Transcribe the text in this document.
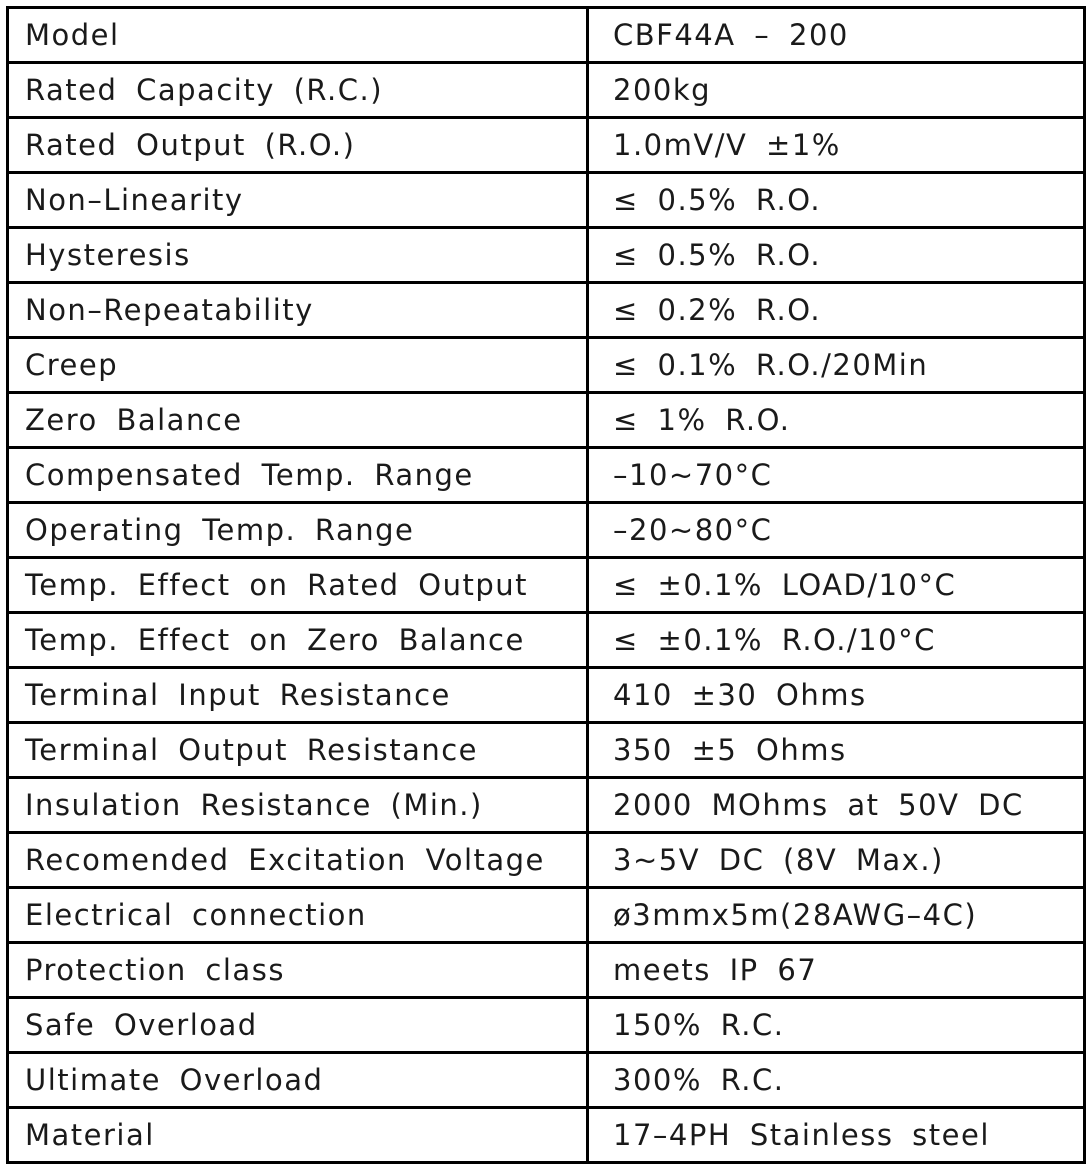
Model	CBF44A – 200
Rated Capacity (R.C.)	200kg
Rated Output (R.O.)	1.0mV/V ±1%
Non–Linearity	≤ 0.5% R.O.
Hysteresis	≤ 0.5% R.O.
Non–Repeatability	≤ 0.2% R.O.
Creep	≤ 0.1% R.O./20Min
Zero Balance	≤ 1% R.O.
Compensated Temp. Range	–10~70°C
Operating Temp. Range	–20~80°C
Temp. Effect on Rated Output	≤ ±0.1% LOAD/10°C
Temp. Effect on Zero Balance	≤ ±0.1% R.O./10°C
Terminal Input Resistance	410 ±30 Ohms
Terminal Output Resistance	350 ±5 Ohms
Insulation Resistance (Min.)	2000 MOhms at 50V DC
Recomended Excitation Voltage	3~5V DC (8V Max.)
Electrical connection	ø3mmx5m(28AWG–4C)
Protection class	meets IP 67
Safe Overload	150% R.C.
Ultimate Overload	300% R.C.
Material	17–4PH Stainless steel
